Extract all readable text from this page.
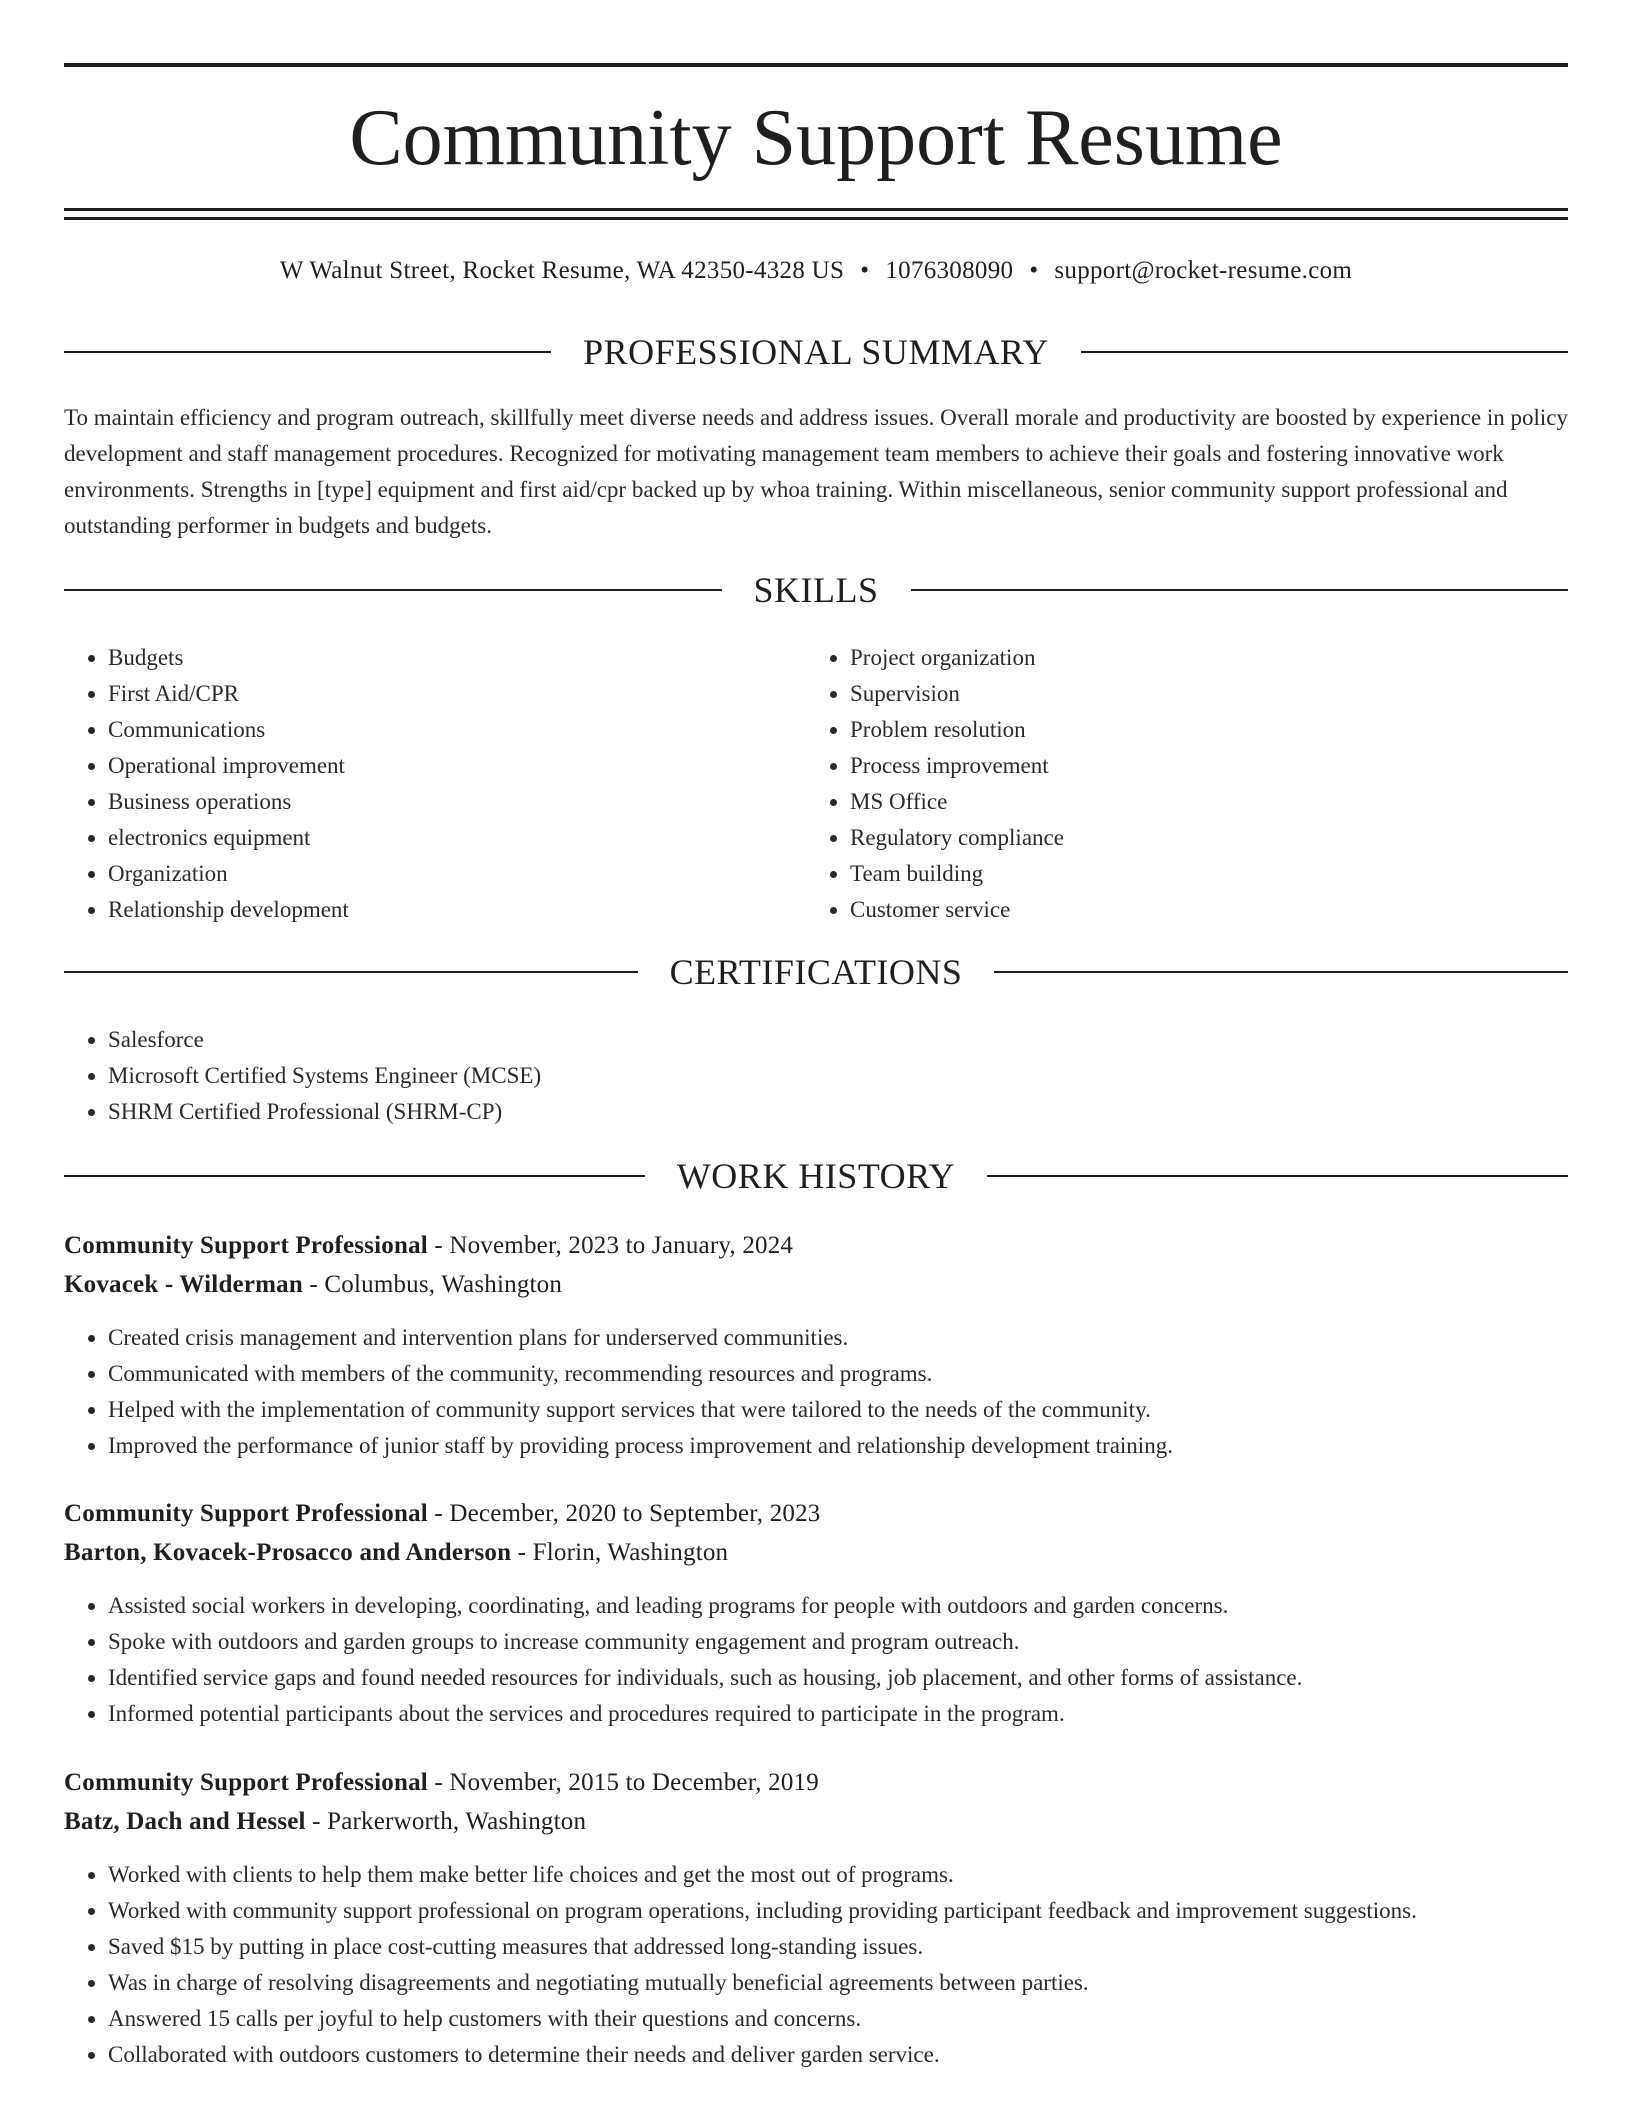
Community Support Resume
W Walnut Street, Rocket Resume, WA 42350-4328 US • 1076308090 • support@rocket-resume.com
PROFESSIONAL SUMMARY

To maintain efficiency and program outreach, skillfully meet diverse needs and address issues. Overall morale and productivity are boosted by experience in policy development and staff management procedures. Recognized for motivating management team members to achieve their goals and fostering innovative work environments. Strengths in [type] equipment and first aid/cpr backed up by whoa training. Within miscellaneous, senior community support professional and outstanding performer in budgets and budgets.

SKILLS
• Budgets
• First Aid/CPR
• Communications
• Operational improvement
• Business operations
• electronics equipment
• Organization
• Relationship development
• Project organization
• Supervision
• Problem resolution
• Process improvement
• MS Office
• Regulatory compliance
• Team building
• Customer service
CERTIFICATIONS
• Salesforce
• Microsoft Certified Systems Engineer (MCSE)
• SHRM Certified Professional (SHRM-CP)
WORK HISTORY
Community Support Professional - November, 2023 to January, 2024
Kovacek - Wilderman - Columbus, Washington
• Created crisis management and intervention plans for underserved communities.
• Communicated with members of the community, recommending resources and programs.
• Helped with the implementation of community support services that were tailored to the needs of the community.
• Improved the performance of junior staff by providing process improvement and relationship development training.
Community Support Professional - December, 2020 to September, 2023
Barton, Kovacek-Prosacco and Anderson - Florin, Washington
• Assisted social workers in developing, coordinating, and leading programs for people with outdoors and garden concerns.
• Spoke with outdoors and garden groups to increase community engagement and program outreach.
• Identified service gaps and found needed resources for individuals, such as housing, job placement, and other forms of assistance.
• Informed potential participants about the services and procedures required to participate in the program.
Community Support Professional - November, 2015 to December, 2019
Batz, Dach and Hessel - Parkerworth, Washington
• Worked with clients to help them make better life choices and get the most out of programs.
• Worked with community support professional on program operations, including providing participant feedback and improvement suggestions.
• Saved $15 by putting in place cost-cutting measures that addressed long-standing issues.
• Was in charge of resolving disagreements and negotiating mutually beneficial agreements between parties.
• Answered 15 calls per joyful to help customers with their questions and concerns.
• Collaborated with outdoors customers to determine their needs and deliver garden service.
